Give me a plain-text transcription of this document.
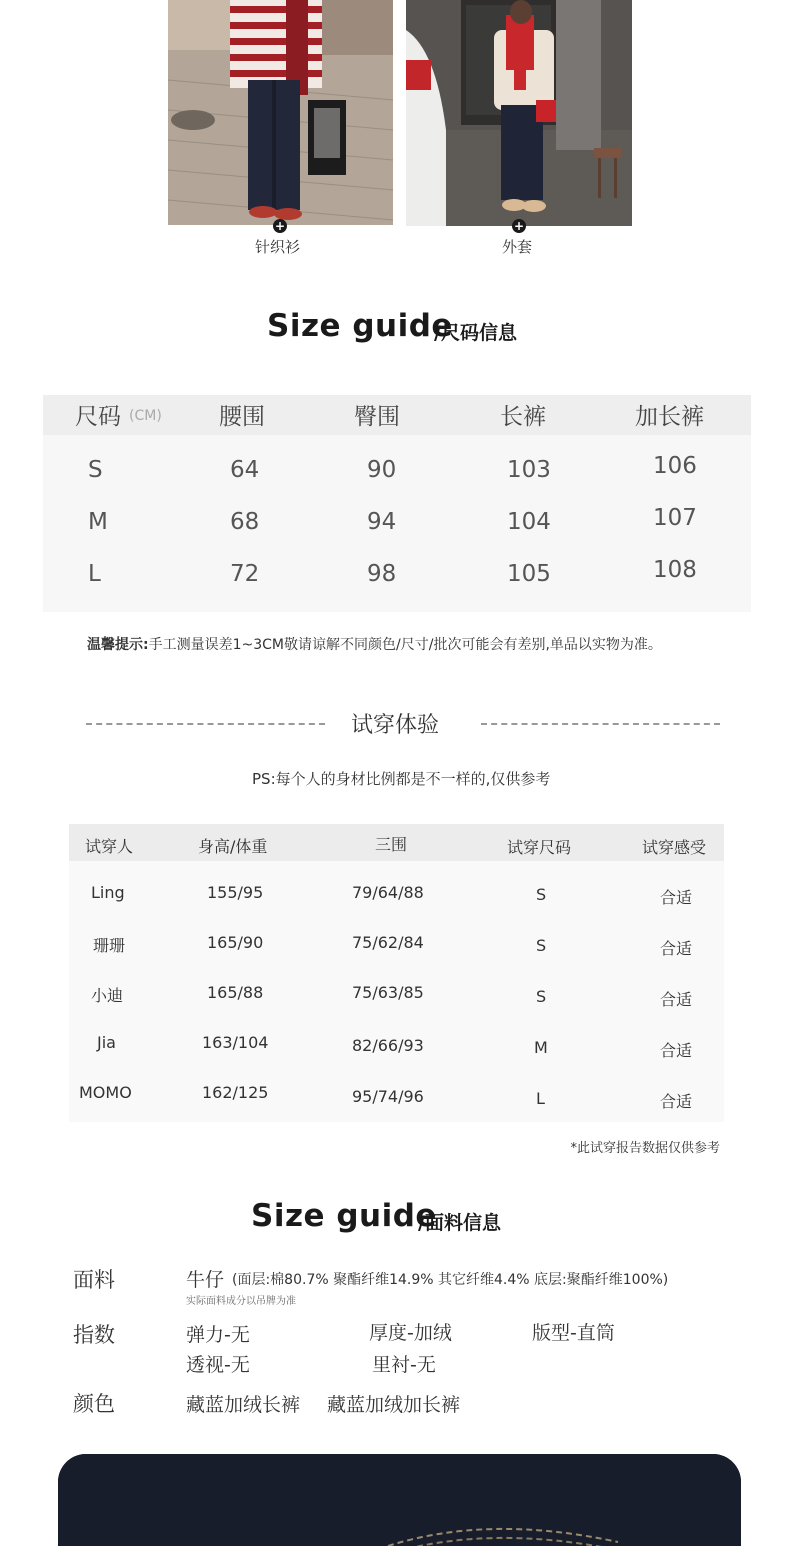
+
针织衫
+
外套
Size guide
/尺码信息
尺码 (CM) 腰围	臀围	长裤	加长裤
S	64	90	103	106
M	68	94	104	107
L	72	98	105	108
温馨提示:手工测量误差1~3CM敬请谅解不同颜色/尺寸/批次可能会有差别,单品以实物为准。
试穿体验
PS:每个人的身材比例都是不一样的,仅供参考
试穿人	身高/体重	三围	试穿尺码	试穿感受
Ling	155/95	79/64/88	S	合适
珊珊	165/90	75/62/84	S	合适
小迪	165/88	75/63/85	S	合适
Jia	163/104	82/66/93	M	合适
MOMO	162/125	95/74/96	L	合适
*此试穿报告数据仅供参考
Size guide
/面料信息
面料	牛仔 (面层:棉80.7% 聚酯纤维14.9% 其它纤维4.4% 底层:聚酯纤维100%)
实际面料成分以吊牌为准
指数	弹力-无	厚度-加绒	版型-直筒
透视-无	里衬-无
颜色	藏蓝加绒长裤 藏蓝加绒加长裤
